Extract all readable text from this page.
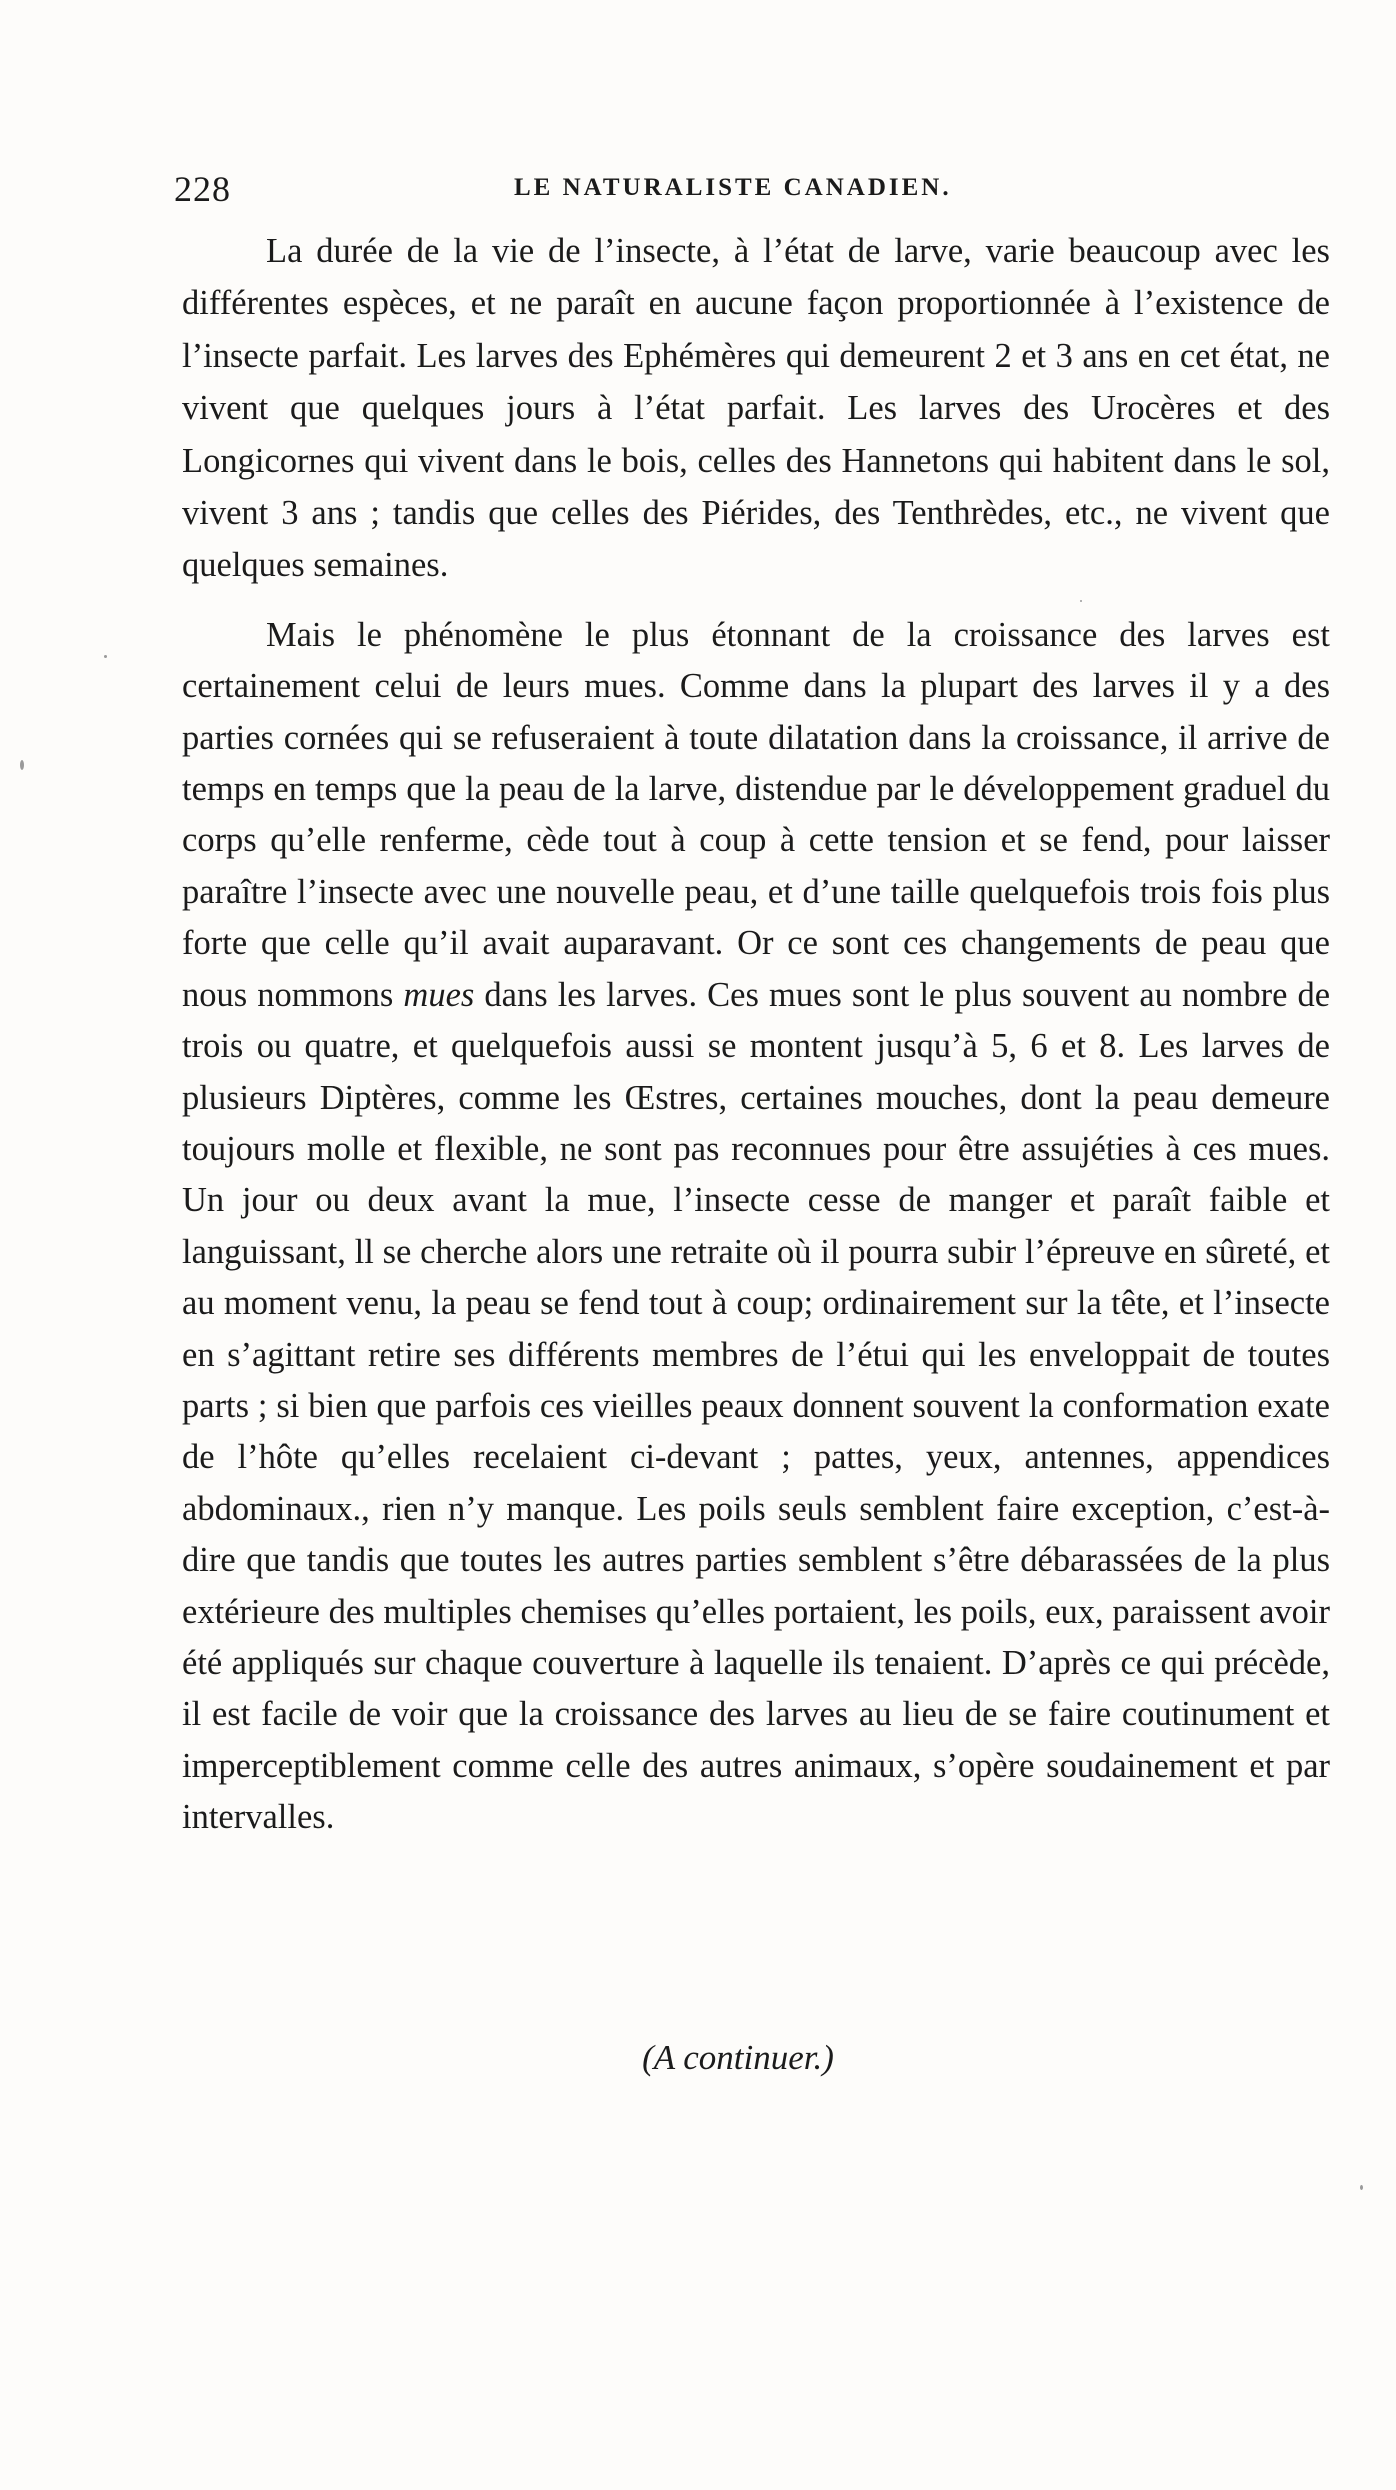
228	LE NATURALISTE CANADIEN.

La durée de la vie de l’insecte, à l’état de larve, varie beaucoup avec les différentes espèces, et ne paraît en aucune façon proportionnée à l’existence de l’insecte parfait. Les larves des Ephémères qui demeurent 2 et 3 ans en cet état, ne vivent que quelques jours à l’état parfait. Les larves des Urocères et des Longicornes qui vivent dans le bois, celles des Hannetons qui habitent dans le sol, vivent 3 ans ; tandis que celles des Piérides, des Tenthrèdes, etc., ne vivent que quelques semaines.

Mais le phénomène le plus étonnant de la croissance des larves est certainement celui de leurs mues. Comme dans la plupart des larves il y a des parties cornées qui se refuseraient à toute dilatation dans la croissance, il arrive de temps en temps que la peau de la larve, distendue par le développement graduel du corps qu’elle renferme, cède tout à coup à cette tension et se fend, pour laisser paraître l’insecte avec une nouvelle peau, et d’une taille quelquefois trois fois plus forte que celle qu’il avait auparavant. Or ce sont ces changements de peau que nous nommons mues dans les larves. Ces mues sont le plus souvent au nombre de trois ou quatre, et quelquefois aussi se montent jusqu’à 5, 6 et 8. Les larves de plusieurs Diptères, comme les Œstres, certaines mouches, dont la peau demeure toujours molle et flexible, ne sont pas reconnues pour être assujéties à ces mues. Un jour ou deux avant la mue, l’insecte cesse de manger et paraît faible et languissant, ll se cherche alors une retraite où il pourra subir l’épreuve en sûreté, et au moment venu, la peau se fend tout à coup; ordinairement sur la tête, et l’insecte en s’agittant retire ses différents membres de l’étui qui les enveloppait de toutes parts ; si bien que parfois ces vieilles peaux donnent souvent la conformation exate de l’hôte qu’elles recelaient ci-devant ; pattes, yeux, antennes, appendices abdominaux., rien n’y manque. Les poils seuls semblent faire exception, c’est-à-dire que tandis que toutes les autres parties semblent s’être débarassées de la plus extérieure des multiples chemises qu’elles portaient, les poils, eux, paraissent avoir été appliqués sur chaque couverture à laquelle ils tenaient. D’après ce qui précède, il est facile de voir que la croissance des larves au lieu de se faire coutinument et imperceptiblement comme celle des autres animaux, s’opère soudainement et par intervalles.

(A continuer.)
